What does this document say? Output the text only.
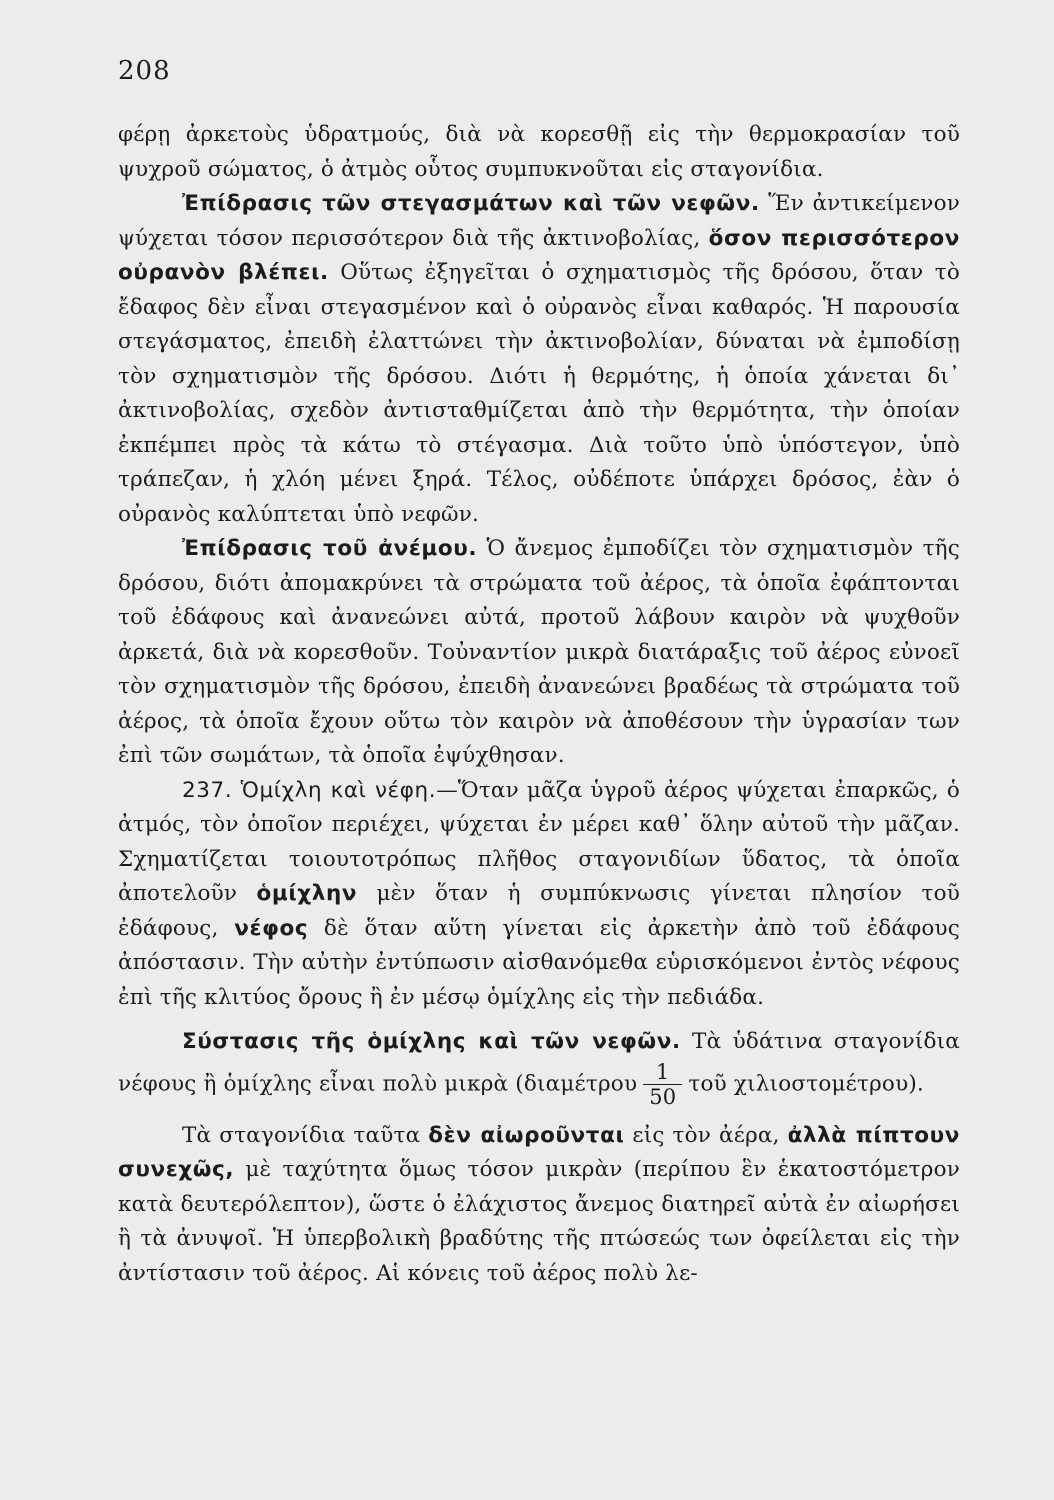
208

φέρῃ ἀρκετοὺς ὑδρατμούς, διὰ νὰ κορεσθῇ εἰς τὴν θερμοκρασίαν τοῦ ψυχροῦ σώματος, ὁ ἀτμὸς οὗτος συμπυκνοῦται εἰς σταγονίδια.

Ἐπίδρασις τῶν στεγασμάτων καὶ τῶν νεφῶν. Ἕν ἀντικείμενον ψύχεται τόσον περισσότερον διὰ τῆς ἀκτινοβολίας, ὅσον περισσότερον οὐρανὸν βλέπει. Οὕτως ἐξηγεῖται ὁ σχηματισμὸς τῆς δρόσου, ὅταν τὸ ἔδαφος δὲν εἶναι στεγασμένον καὶ ὁ οὐρανὸς εἶναι καθαρός. Ἡ παρουσία στεγάσματος, ἐπειδὴ ἐλαττώνει τὴν ἀκτινοβολίαν, δύναται νὰ ἐμποδίσῃ τὸν σχηματισμὸν τῆς δρόσου. Διότι ἡ θερμότης, ἡ ὁποία χάνεται δι᾽ ἀκτινοβολίας, σχεδὸν ἀντισταθμίζεται ἀπὸ τὴν θερμότητα, τὴν ὁποίαν ἐκπέμπει πρὸς τὰ κάτω τὸ στέγασμα. Διὰ τοῦτο ὑπὸ ὑπόστεγον, ὑπὸ τράπεζαν, ἡ χλόη μένει ξηρά. Τέλος, οὐδέποτε ὑπάρχει δρόσος, ἐὰν ὁ οὐρανὸς καλύπτεται ὑπὸ νεφῶν.

Ἐπίδρασις τοῦ ἀνέμου. Ὁ ἄνεμος ἐμποδίζει τὸν σχηματισμὸν τῆς δρόσου, διότι ἀπομακρύνει τὰ στρώματα τοῦ ἀέρος, τὰ ὁποῖα ἐφάπτονται τοῦ ἐδάφους καὶ ἀνανεώνει αὐτά, προτοῦ λάβουν καιρὸν νὰ ψυχθοῦν ἀρκετά, διὰ νὰ κορεσθοῦν. Τοὐναντίον μικρὰ διατάραξις τοῦ ἀέρος εὐνοεῖ τὸν σχηματισμὸν τῆς δρόσου, ἐπειδὴ ἀνανεώνει βραδέως τὰ στρώματα τοῦ ἀέρος, τὰ ὁποῖα ἔχουν οὕτω τὸν καιρὸν νὰ ἀποθέσουν τὴν ὑγρασίαν των ἐπὶ τῶν σωμάτων, τὰ ὁποῖα ἐψύχθησαν.

237. Ὁμίχλη καὶ νέφη.—Ὅταν μᾶζα ὑγροῦ ἀέρος ψύχεται ἐπαρκῶς, ὁ ἀτμός, τὸν ὁποῖον περιέχει, ψύχεται ἐν μέρει καθ᾽ ὅλην αὐτοῦ τὴν μᾶζαν. Σχηματίζεται τοιουτοτρόπως πλῆθος σταγονιδίων ὕδατος, τὰ ὁποῖα ἀποτελοῦν ὁμίχλην μὲν ὅταν ἡ συμπύκνωσις γίνεται πλησίον τοῦ ἐδάφους, νέφος δὲ ὅταν αὕτη γίνεται εἰς ἀρκετὴν ἀπὸ τοῦ ἐδάφους ἀπόστασιν. Τὴν αὐτὴν ἐντύπωσιν αἰσθανόμεθα εὑρισκόμενοι ἐντὸς νέφους ἐπὶ τῆς κλιτύος ὄρους ἢ ἐν μέσῳ ὁμίχλης εἰς τὴν πεδιάδα.

Σύστασις τῆς ὁμίχλης καὶ τῶν νεφῶν. Τὰ ὑδάτινα σταγονίδια νέφους ἢ ὁμίχλης εἶναι πολὺ μικρὰ ($\delta\iota\alpha\mu έ\tau\rho o\upsilon \frac{1}{50}$ τοῦ χιλιοστομέτρου).

Τὰ σταγονίδια ταῦτα δὲν αἰωροῦνται εἰς τὸν ἀέρα, ἀλλὰ πίπτουν συνεχῶς, μὲ ταχύτητα ὅμως τόσον μικρὰν (περίπου ἓν ἑκατοστόμετρον κατὰ δευτερόλεπτον), ὥστε ὁ ἐλάχιστος ἄνεμος διατηρεῖ αὐτὰ ἐν αἰωρήσει ἢ τὰ ἀνυψοῖ. Ἡ ὑπερβολικὴ βραδύτης τῆς πτώσεώς των ὀφείλεται εἰς τὴν ἀντίστασιν τοῦ ἀέρος. Αἱ κόνεις τοῦ ἀέρος πολὺ λε-
